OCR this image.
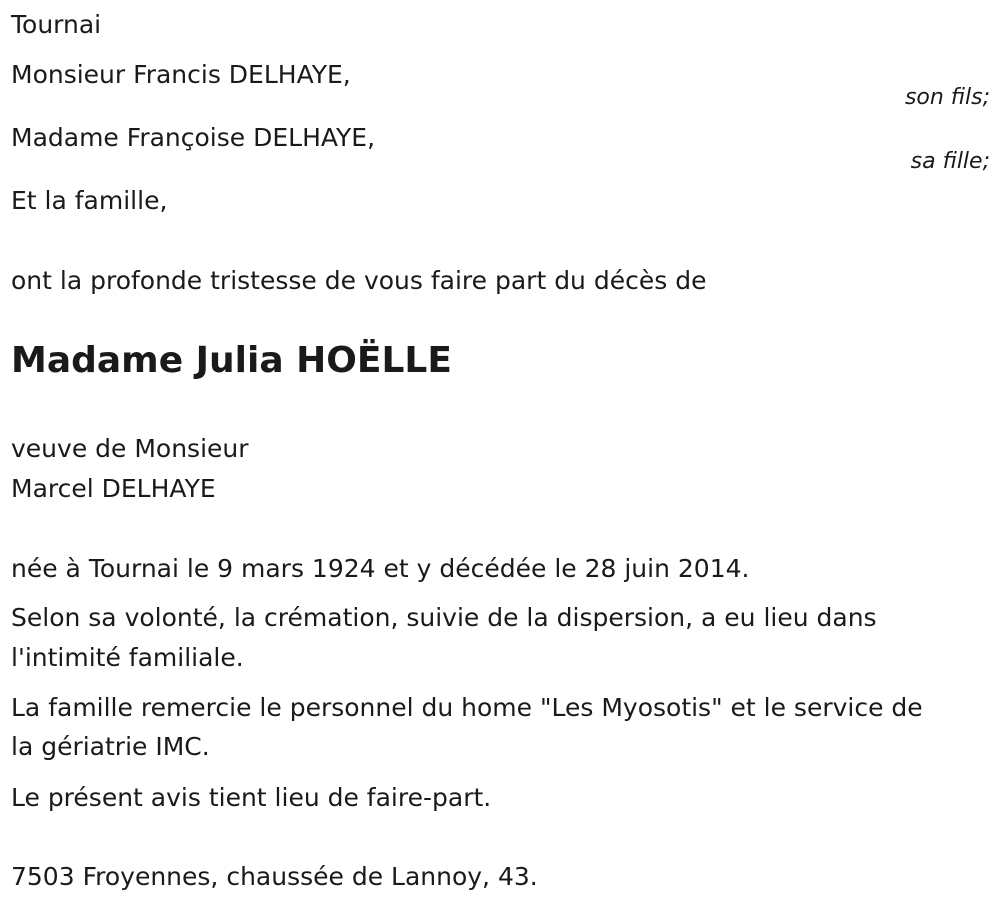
Tournai

Monsieur Francis DELHAYE,

son fils;

Madame Françoise DELHAYE,

sa fille;

Et la famille,

ont la profonde tristesse de vous faire part du décès de

Madame Julia HOËLLE

veuve de Monsieur

Marcel DELHAYE

née à Tournai le 9 mars 1924 et y décédée le 28 juin 2014.

Selon sa volonté, la crémation, suivie de la dispersion, a eu lieu dans

l'intimité familiale.

La famille remercie le personnel du home "Les Myosotis" et le service de

la gériatrie IMC.

Le présent avis tient lieu de faire-part.

7503 Froyennes, chaussée de Lannoy, 43.
